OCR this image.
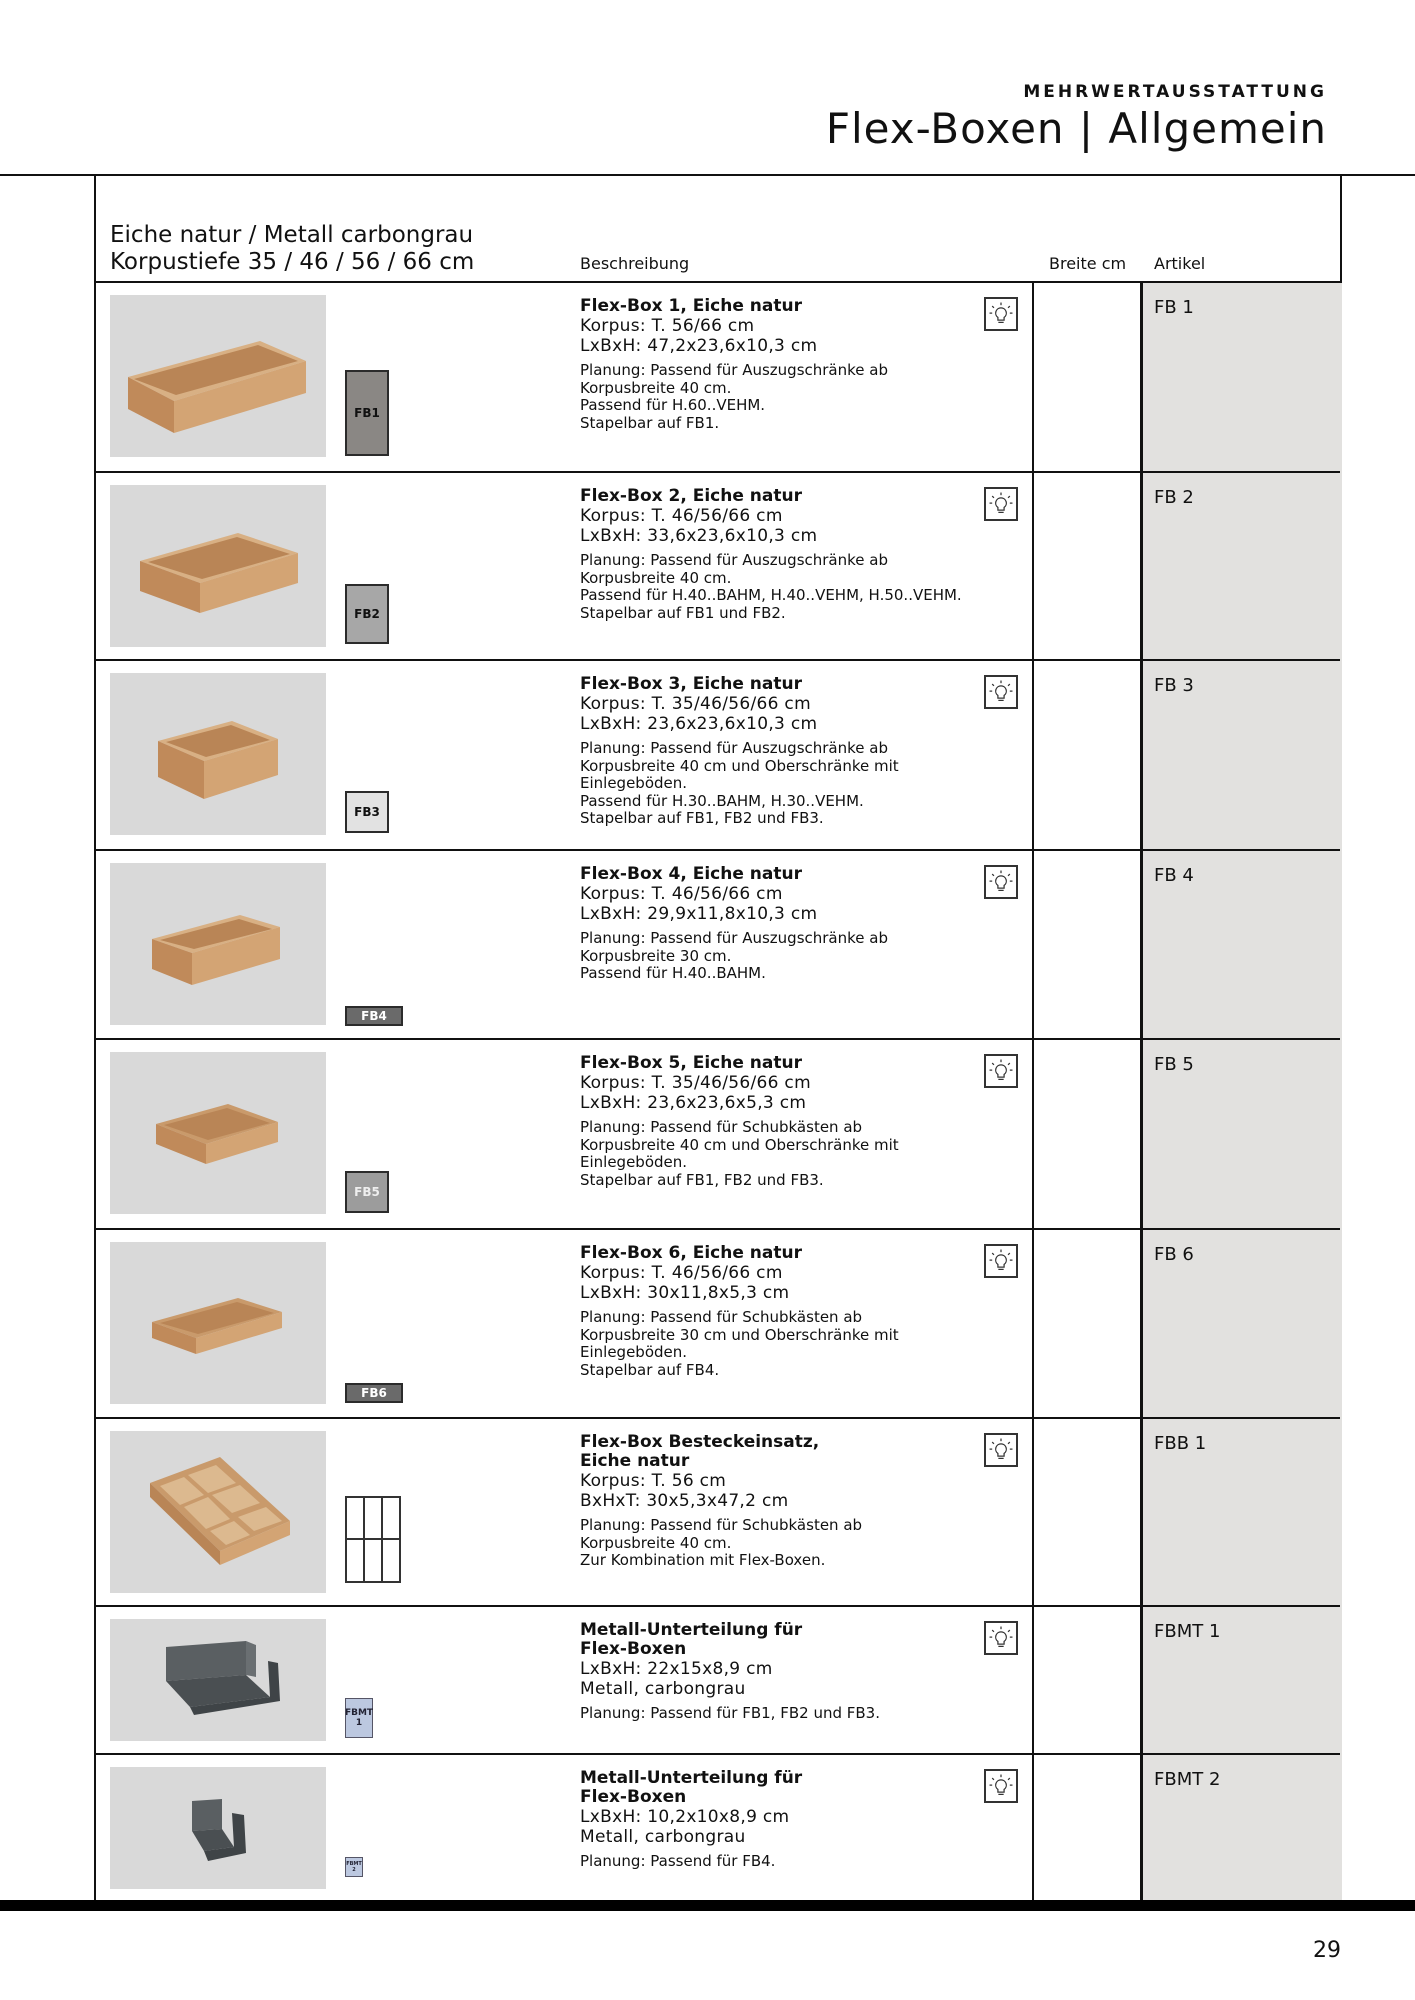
MEHRWERTAUSSTATTUNG
Flex-Boxen | Allgemein
Eiche natur / Metall carbongrau
Korpustiefe 35 / 46 / 56 / 66 cm	Beschreibung	Breite cm Artikel
FB1
Flex-Box 1, Eiche natur
Korpus: T. 56/66 cm
LxBxH: 47,2x23,6x10,3 cm
Planung: Passend für Auszugschränke ab
Korpusbreite 40 cm.
Passend für H.60..VEHM.
Stapelbar auf FB1.
FB 1
FB2
Flex-Box 2, Eiche natur
Korpus: T. 46/56/66 cm
LxBxH: 33,6x23,6x10,3 cm
Planung: Passend für Auszugschränke ab
Korpusbreite 40 cm.
Passend für H.40..BAHM, H.40..VEHM, H.50..VEHM.
Stapelbar auf FB1 und FB2.
FB 2
FB3
Flex-Box 3, Eiche natur
Korpus: T. 35/46/56/66 cm
LxBxH: 23,6x23,6x10,3 cm
Planung: Passend für Auszugschränke ab
Korpusbreite 40 cm und Oberschränke mit
Einlegeböden.
Passend für H.30..BAHM, H.30..VEHM.
Stapelbar auf FB1, FB2 und FB3.
FB 3
FB4
Flex-Box 4, Eiche natur
Korpus: T. 46/56/66 cm
LxBxH: 29,9x11,8x10,3 cm
Planung: Passend für Auszugschränke ab
Korpusbreite 30 cm.
Passend für H.40..BAHM.
FB 4
FB5
Flex-Box 5, Eiche natur
Korpus: T. 35/46/56/66 cm
LxBxH: 23,6x23,6x5,3 cm
Planung: Passend für Schubkästen ab
Korpusbreite 40 cm und Oberschränke mit
Einlegeböden.
Stapelbar auf FB1, FB2 und FB3.
FB 5
FB6
Flex-Box 6, Eiche natur
Korpus: T. 46/56/66 cm
LxBxH: 30x11,8x5,3 cm
Planung: Passend für Schubkästen ab
Korpusbreite 30 cm und Oberschränke mit
Einlegeböden.
Stapelbar auf FB4.
FB 6
Flex-Box Besteckeinsatz,
Eiche natur
Korpus: T. 56 cm
BxHxT: 30x5,3x47,2 cm
Planung: Passend für Schubkästen ab
Korpusbreite 40 cm.
Zur Kombination mit Flex-Boxen.
FBB 1
FBMT 1
Metall-Unterteilung für
Flex-Boxen
LxBxH: 22x15x8,9 cm
Metall, carbongrau
Planung: Passend für FB1, FB2 und FB3.
FBMT 1
FBMT 2
Metall-Unterteilung für
Flex-Boxen
LxBxH: 10,2x10x8,9 cm
Metall, carbongrau
Planung: Passend für FB4.
FBMT 2
29
